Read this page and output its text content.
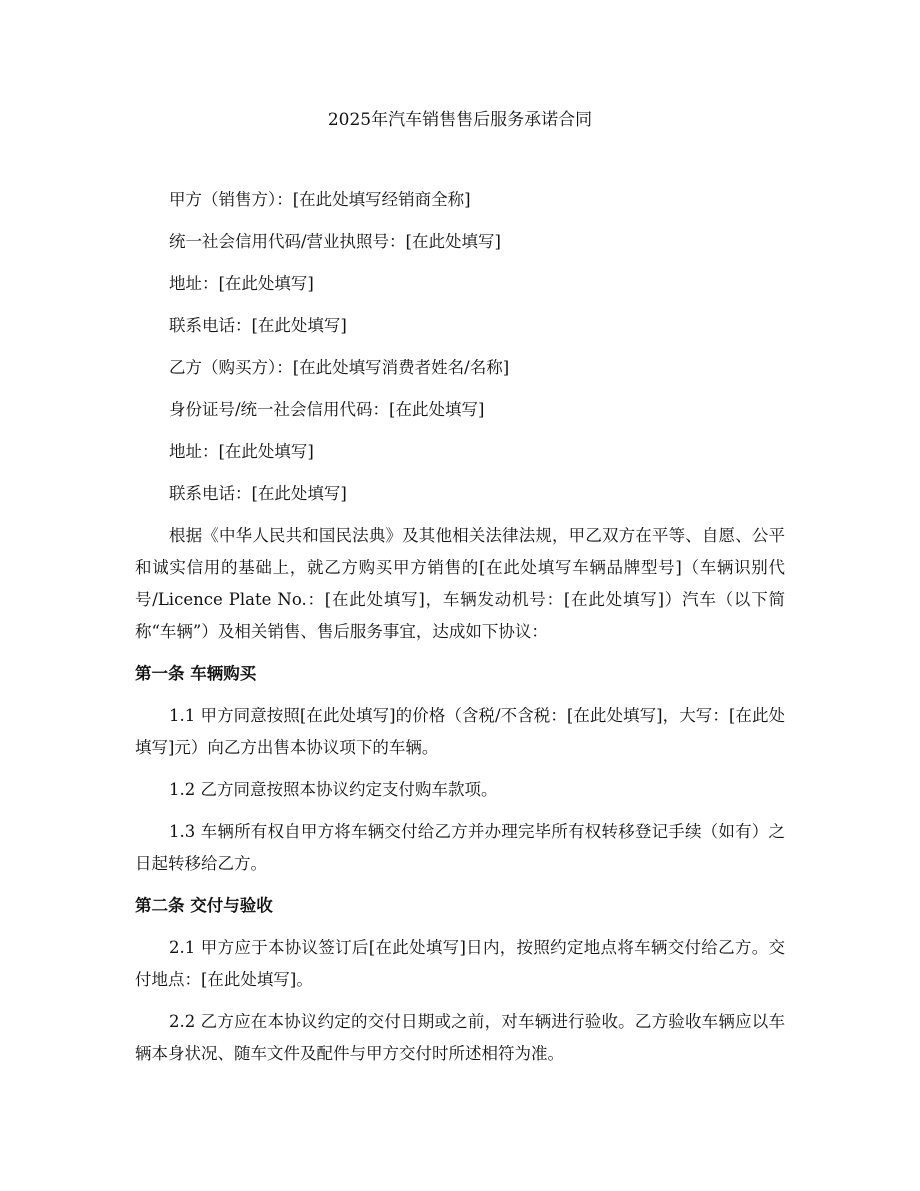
2025年汽车销售售后服务承诺合同

甲方（销售方）：[在此处填写经销商全称]

统一社会信用代码/营业执照号：[在此处填写]

地址：[在此处填写]

联系电话：[在此处填写]

乙方（购买方）：[在此处填写消费者姓名/名称]

身份证号/统一社会信用代码：[在此处填写]

地址：[在此处填写]

联系电话：[在此处填写]

根据《中华人民共和国民法典》及其他相关法律法规，甲乙双方在平等、自愿、公平和诚实信用的基础上，就乙方购买甲方销售的[在此处填写车辆品牌型号]（车辆识别代号/Licence Plate No.：[在此处填写]，车辆发动机号：[在此处填写]）汽车（以下简称“车辆”）及相关销售、售后服务事宜，达成如下协议：

第一条 车辆购买

1.1 甲方同意按照[在此处填写]的价格（含税/不含税：[在此处填写]，大写：[在此处填写]元）向乙方出售本协议项下的车辆。

1.2 乙方同意按照本协议约定支付购车款项。

1.3 车辆所有权自甲方将车辆交付给乙方并办理完毕所有权转移登记手续（如有）之日起转移给乙方。

第二条 交付与验收

2.1 甲方应于本协议签订后[在此处填写]日内，按照约定地点将车辆交付给乙方。交付地点：[在此处填写]。

2.2 乙方应在本协议约定的交付日期或之前，对车辆进行验收。乙方验收车辆应以车辆本身状况、随车文件及配件与甲方交付时所述相符为准。
